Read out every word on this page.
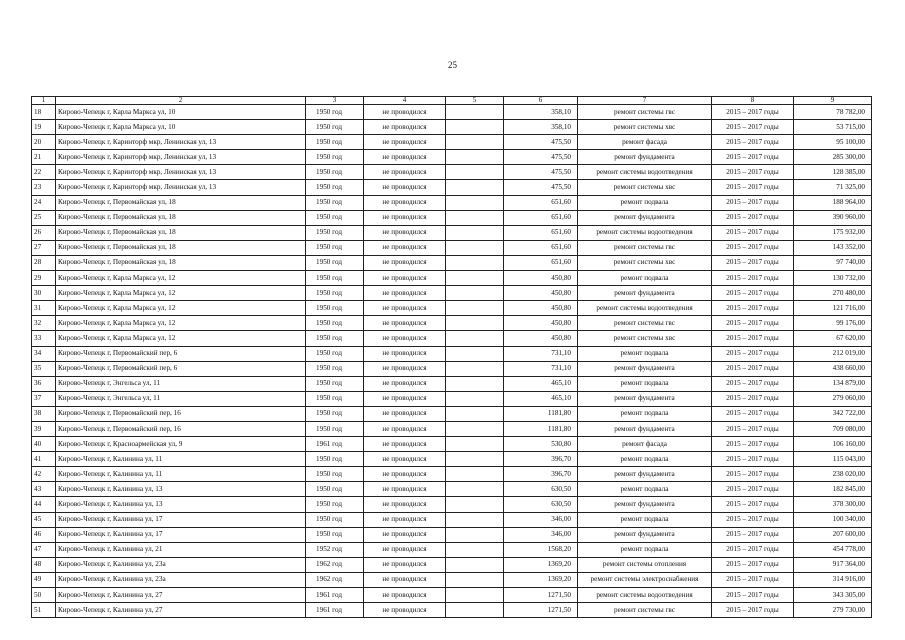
25
1	2	3	4	5	6	7	8	9
18	Кирово-Чепецк г, Карла Маркса ул, 10	1950 год	не проводился		358,10	ремонт системы гвс	2015 – 2017 годы	78 782,00
19	Кирово-Чепецк г, Карла Маркса ул, 10	1950 год	не проводился		358,10	ремонт системы хвс	2015 – 2017 годы	53 715,00
20	Кирово-Чепецк г, Каринторф мкр, Ленинская ул, 13	1950 год	не проводился		475,50	ремонт фасада	2015 – 2017 годы	95 100,00
21	Кирово-Чепецк г, Каринторф мкр, Ленинская ул, 13	1950 год	не проводился		475,50	ремонт фундамента	2015 – 2017 годы	285 300,00
22	Кирово-Чепецк г, Каринторф мкр, Ленинская ул, 13	1950 год	не проводился		475,50	ремонт системы водоотведения	2015 – 2017 годы	128 385,00
23	Кирово-Чепецк г, Каринторф мкр, Ленинская ул, 13	1950 год	не проводился		475,50	ремонт системы хвс	2015 – 2017 годы	71 325,00
24	Кирово-Чепецк г, Первомайская ул, 18	1950 год	не проводился		651,60	ремонт подвала	2015 – 2017 годы	188 964,00
25	Кирово-Чепецк г, Первомайская ул, 18	1950 год	не проводился		651,60	ремонт фундамента	2015 – 2017 годы	390 960,00
26	Кирово-Чепецк г, Первомайская ул, 18	1950 год	не проводился		651,60	ремонт системы водоотведения	2015 – 2017 годы	175 932,00
27	Кирово-Чепецк г, Первомайская ул, 18	1950 год	не проводился		651,60	ремонт системы гвс	2015 – 2017 годы	143 352,00
28	Кирово-Чепецк г, Первомайская ул, 18	1950 год	не проводился		651,60	ремонт системы хвс	2015 – 2017 годы	97 740,00
29	Кирово-Чепецк г, Карла Маркса ул, 12	1950 год	не проводился		450,80	ремонт подвала	2015 – 2017 годы	130 732,00
30	Кирово-Чепецк г, Карла Маркса ул, 12	1950 год	не проводился		450,80	ремонт фундамента	2015 – 2017 годы	270 480,00
31	Кирово-Чепецк г, Карла Маркса ул, 12	1950 год	не проводился		450,80	ремонт системы водоотведения	2015 – 2017 годы	121 716,00
32	Кирово-Чепецк г, Карла Маркса ул, 12	1950 год	не проводился		450,80	ремонт системы гвс	2015 – 2017 годы	99 176,00
33	Кирово-Чепецк г, Карла Маркса ул, 12	1950 год	не проводился		450,80	ремонт системы хвс	2015 – 2017 годы	67 620,00
34	Кирово-Чепецк г, Первомайский пер, 6	1950 год	не проводился		731,10	ремонт подвала	2015 – 2017 годы	212 019,00
35	Кирово-Чепецк г, Первомайский пер, 6	1950 год	не проводился		731,10	ремонт фундамента	2015 – 2017 годы	438 660,00
36	Кирово-Чепецк г, Энгельса ул, 11	1950 год	не проводился		465,10	ремонт подвала	2015 – 2017 годы	134 879,00
37	Кирово-Чепецк г, Энгельса ул, 11	1950 год	не проводился		465,10	ремонт фундамента	2015 – 2017 годы	279 060,00
38	Кирово-Чепецк г, Первомайский пер, 16	1950 год	не проводился		1181,80	ремонт подвала	2015 – 2017 годы	342 722,00
39	Кирово-Чепецк г, Первомайский пер, 16	1950 год	не проводился		1181,80	ремонт фундамента	2015 – 2017 годы	709 080,00
40	Кирово-Чепецк г, Красноармейская ул, 9	1961 год	не проводился		530,80	ремонт фасада	2015 – 2017 годы	106 160,00
41	Кирово-Чепецк г, Калинина ул, 11	1950 год	не проводился		396,70	ремонт подвала	2015 – 2017 годы	115 043,00
42	Кирово-Чепецк г, Калинина ул, 11	1950 год	не проводился		396,70	ремонт фундамента	2015 – 2017 годы	238 020,00
43	Кирово-Чепецк г, Калинина ул, 13	1950 год	не проводился		630,50	ремонт подвала	2015 – 2017 годы	182 845,00
44	Кирово-Чепецк г, Калинина ул, 13	1950 год	не проводился		630,50	ремонт фундамента	2015 – 2017 годы	378 300,00
45	Кирово-Чепецк г, Калинина ул, 17	1950 год	не проводился		346,00	ремонт подвала	2015 – 2017 годы	100 340,00
46	Кирово-Чепецк г, Калинина ул, 17	1950 год	не проводился		346,00	ремонт фундамента	2015 – 2017 годы	207 600,00
47	Кирово-Чепецк г, Калинина ул, 21	1952 год	не проводился		1568,20	ремонт подвала	2015 – 2017 годы	454 778,00
48	Кирово-Чепецк г, Калинина ул, 23а	1962 год	не проводился		1369,20	ремонт системы отопления	2015 – 2017 годы	917 364,00
49	Кирово-Чепецк г, Калинина ул, 23а	1962 год	не проводился		1369,20	ремонт системы электроснабжения	2015 – 2017 годы	314 916,00
50	Кирово-Чепецк г, Калинина ул, 27	1961 год	не проводился		1271,50	ремонт системы водоотведения	2015 – 2017 годы	343 305,00
51	Кирово-Чепецк г, Калинина ул, 27	1961 год	не проводился		1271,50	ремонт системы гвс	2015 – 2017 годы	279 730,00
